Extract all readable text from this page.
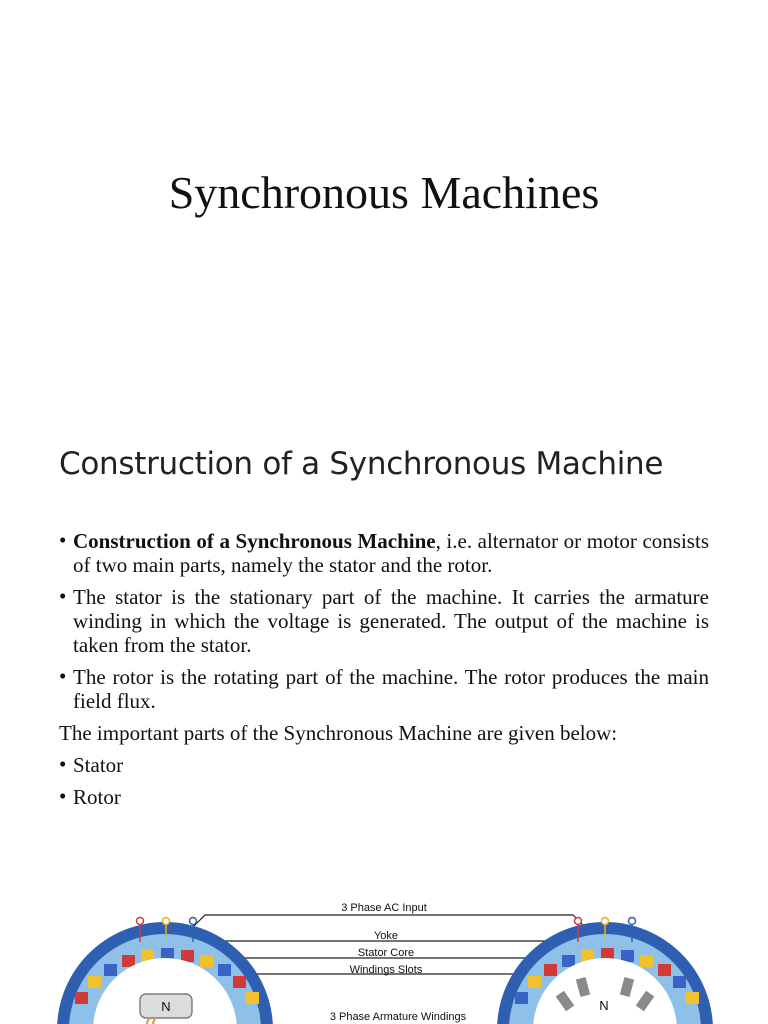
Synchronous Machines
Construction of a Synchronous Machine
• Construction of a Synchronous Machine, i.e. alternator or motor consists of two main parts, namely the stator and the rotor.
• The stator is the stationary part of the machine. It carries the armature winding in which the voltage is generated. The output of the machine is taken from the stator.
• The rotor is the rotating part of the machine. The rotor produces the main field flux.
The important parts of the Synchronous Machine are given below:
• Stator
• Rotor
N	N
3 Phase AC Input
Yoke
Stator Core
Windings Slots
3 Phase Armature Windings
